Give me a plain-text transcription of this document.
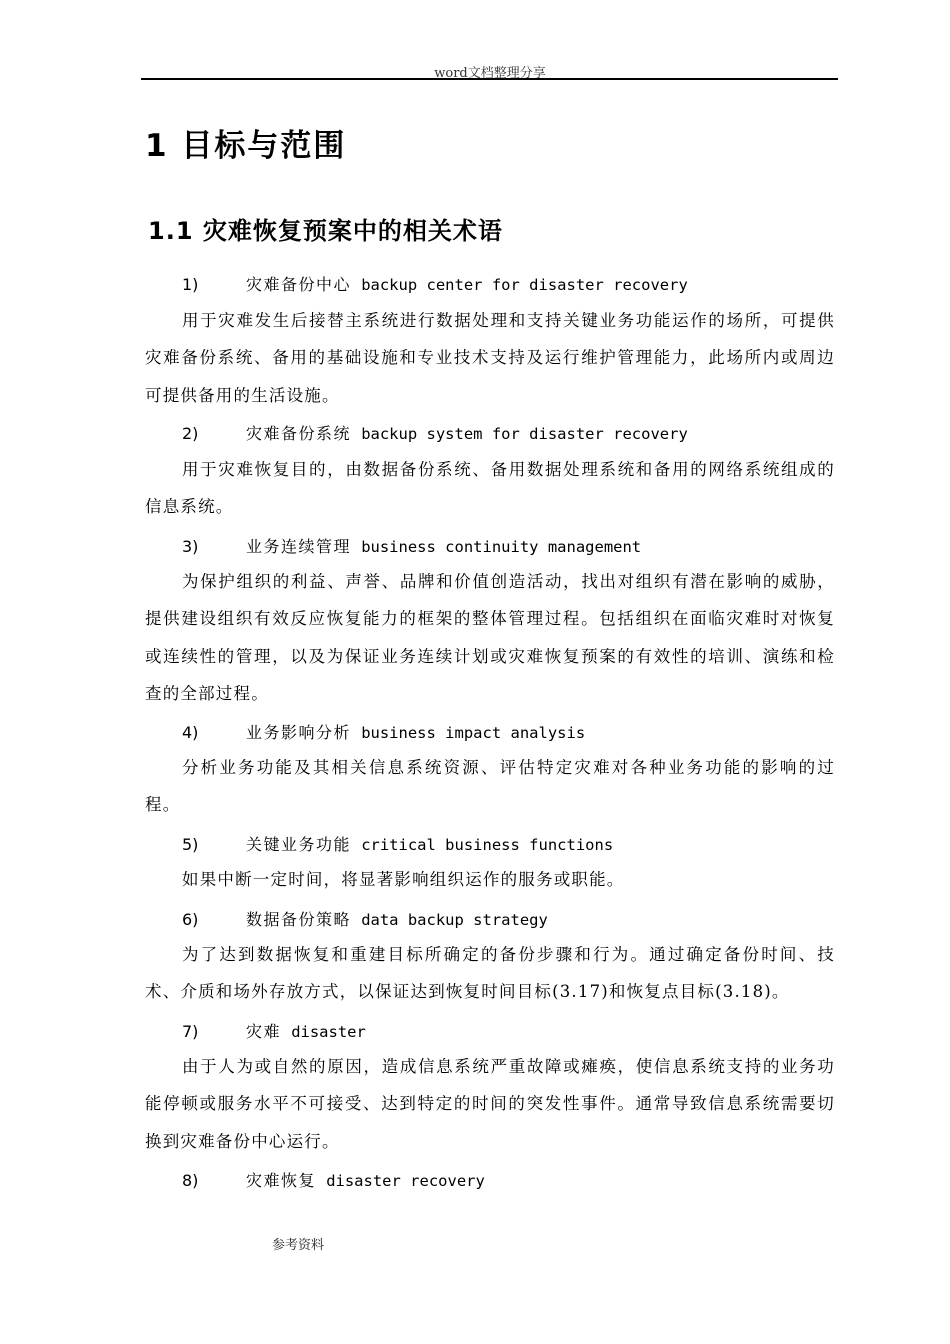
word文档整理分享
1 目标与范围
1.1 灾难恢复预案中的相关术语
1)	灾难备份中心 backup center for disaster recovery

用于灾难发生后接替主系统进行数据处理和支持关键业务功能运作的场所，可提供灾难备份系统、备用的基础设施和专业技术支持及运行维护管理能力，此场所内或周边可提供备用的生活设施。

2)	灾难备份系统 backup system for disaster recovery

用于灾难恢复目的，由数据备份系统、备用数据处理系统和备用的网络系统组成的信息系统。

3)	业务连续管理 business continuity management

为保护组织的利益、声誉、品牌和价值创造活动，找出对组织有潜在影响的威胁，提供建设组织有效反应恢复能力的框架的整体管理过程。包括组织在面临灾难时对恢复或连续性的管理，以及为保证业务连续计划或灾难恢复预案的有效性的培训、演练和检查的全部过程。

4)	业务影响分析 business impact analysis

分析业务功能及其相关信息系统资源、评估特定灾难对各种业务功能的影响的过程。

5)	关键业务功能 critical business functions

如果中断一定时间，将显著影响组织运作的服务或职能。

6)	数据备份策略 data backup strategy

为了达到数据恢复和重建目标所确定的备份步骤和行为。通过确定备份时间、技术、介质和场外存放方式，以保证达到恢复时间目标(3.17)和恢复点目标(3.18)。

7)	灾难 disaster

由于人为或自然的原因，造成信息系统严重故障或瘫痪，使信息系统支持的业务功能停顿或服务水平不可接受、达到特定的时间的突发性事件。通常导致信息系统需要切换到灾难备份中心运行。

8)	灾难恢复 disaster recovery
参考资料
